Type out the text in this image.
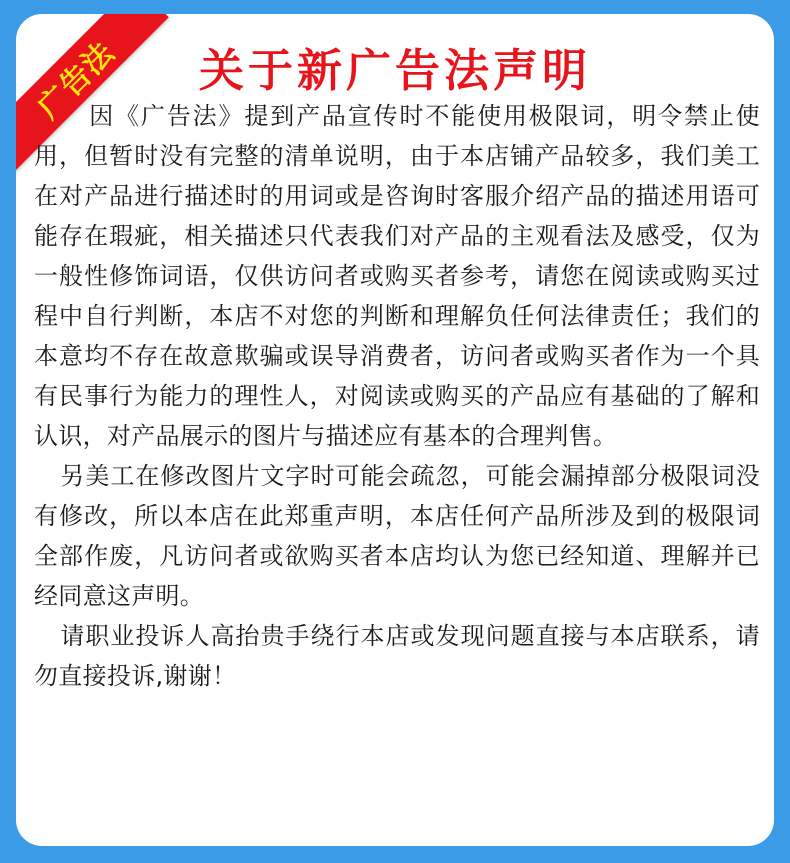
广告法	关于新广告法声明

因《广告法》提到产品宣传时不能使用极限词，明令禁止使用，但暂时没有完整的清单说明，由于本店铺产品较多，我们美工在对产品进行描述时的用词或是咨询时客服介绍产品的描述用语可能存在瑕疵，相关描述只代表我们对产品的主观看法及感受，仅为一般性修饰词语，仅供访问者或购买者参考，请您在阅读或购买过程中自行判断，本店不对您的判断和理解负任何法律责任；我们的本意均不存在故意欺骗或误导消费者，访问者或购买者作为一个具有民事行为能力的理性人，对阅读或购买的产品应有基础的了解和认识，对产品展示的图片与描述应有基本的合理判售。

另美工在修改图片文字时可能会疏忽，可能会漏掉部分极限词没有修改，所以本店在此郑重声明，本店任何产品所涉及到的极限词全部作废，凡访问者或欲购买者本店均认为您已经知道、理解并已经同意这声明。

请职业投诉人高抬贵手绕行本店或发现问题直接与本店联系，请勿直接投诉,谢谢！
